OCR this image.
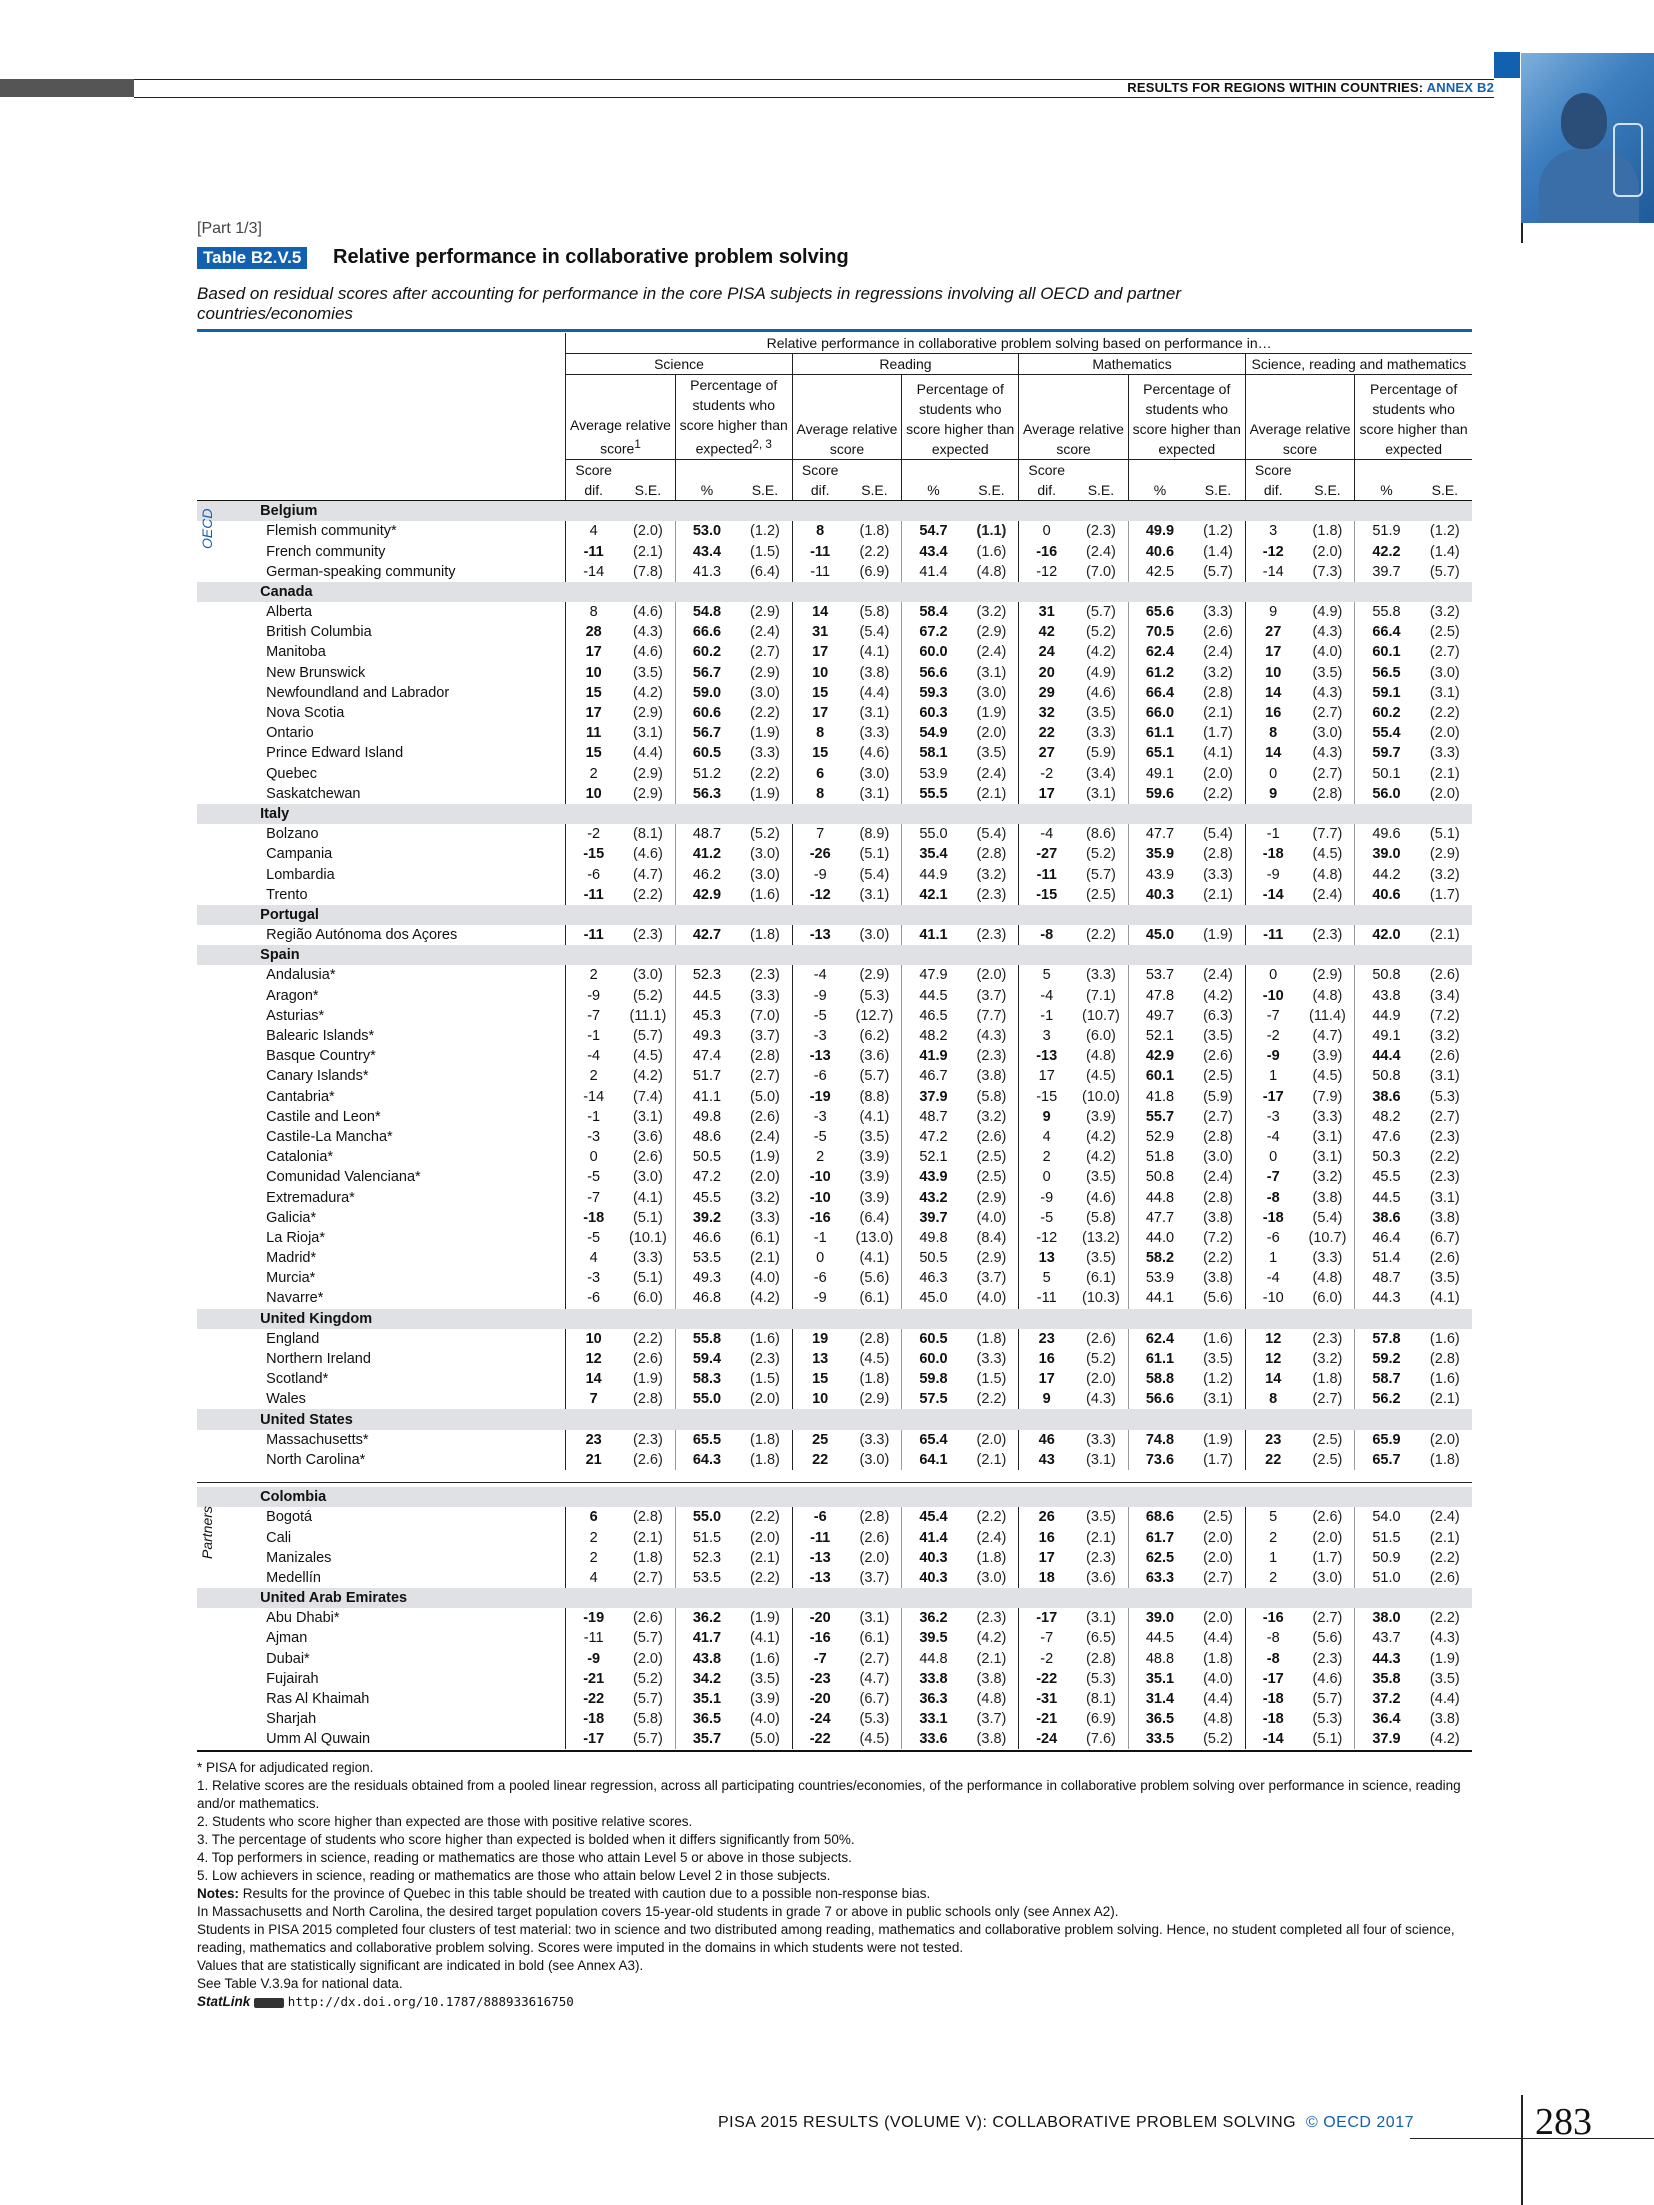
RESULTS FOR REGIONS WITHIN COUNTRIES: ANNEX B2
[Part 1/3]
Table B2.V.5	Relative performance in collaborative problem solving
Based on residual scores after accounting for performance in the core PISA subjects in regressions involving all OECD and partner countries/economies
		Relative performance in collaborative problem solving based on performance in…															
		Science				Reading				Mathematics				Science, reading and mathematics			
		Average relative score$^1$		Percentage of students who score higher than expected$^{2, 3}$		Average relative score		Percentage of students who score higher than expected		Average relative score		Percentage of students who score higher than expected		Average relative score		Percentage of students who score higher than expected	
		Score dif.	S.E.	%	S.E.	Score dif.	S.E.	%	S.E.	Score dif.	S.E.	%	S.E.	Score dif.	S.E.	%	S.E.
	Belgium																
	Flemish community*	4	(2.0)	53.0	(1.2)	8	(1.8)	54.7	(1.1)	0	(2.3)	49.9	(1.2)	3	(1.8)	51.9	(1.2)
	French community	-11	(2.1)	43.4	(1.5)	-11	(2.2)	43.4	(1.6)	-16	(2.4)	40.6	(1.4)	-12	(2.0)	42.2	(1.4)
	German-speaking community	-14	(7.8)	41.3	(6.4)	-11	(6.9)	41.4	(4.8)	-12	(7.0)	42.5	(5.7)	-14	(7.3)	39.7	(5.7)
	Canada																
	Alberta	8	(4.6)	54.8	(2.9)	14	(5.8)	58.4	(3.2)	31	(5.7)	65.6	(3.3)	9	(4.9)	55.8	(3.2)
	British Columbia	28	(4.3)	66.6	(2.4)	31	(5.4)	67.2	(2.9)	42	(5.2)	70.5	(2.6)	27	(4.3)	66.4	(2.5)
	Manitoba	17	(4.6)	60.2	(2.7)	17	(4.1)	60.0	(2.4)	24	(4.2)	62.4	(2.4)	17	(4.0)	60.1	(2.7)
	New Brunswick	10	(3.5)	56.7	(2.9)	10	(3.8)	56.6	(3.1)	20	(4.9)	61.2	(3.2)	10	(3.5)	56.5	(3.0)
	Newfoundland and Labrador	15	(4.2)	59.0	(3.0)	15	(4.4)	59.3	(3.0)	29	(4.6)	66.4	(2.8)	14	(4.3)	59.1	(3.1)
	Nova Scotia	17	(2.9)	60.6	(2.2)	17	(3.1)	60.3	(1.9)	32	(3.5)	66.0	(2.1)	16	(2.7)	60.2	(2.2)
	Ontario	11	(3.1)	56.7	(1.9)	8	(3.3)	54.9	(2.0)	22	(3.3)	61.1	(1.7)	8	(3.0)	55.4	(2.0)
	Prince Edward Island	15	(4.4)	60.5	(3.3)	15	(4.6)	58.1	(3.5)	27	(5.9)	65.1	(4.1)	14	(4.3)	59.7	(3.3)
	Quebec	2	(2.9)	51.2	(2.2)	6	(3.0)	53.9	(2.4)	-2	(3.4)	49.1	(2.0)	0	(2.7)	50.1	(2.1)
	Saskatchewan	10	(2.9)	56.3	(1.9)	8	(3.1)	55.5	(2.1)	17	(3.1)	59.6	(2.2)	9	(2.8)	56.0	(2.0)
	Italy																
	Bolzano	-2	(8.1)	48.7	(5.2)	7	(8.9)	55.0	(5.4)	-4	(8.6)	47.7	(5.4)	-1	(7.7)	49.6	(5.1)
	Campania	-15	(4.6)	41.2	(3.0)	-26	(5.1)	35.4	(2.8)	-27	(5.2)	35.9	(2.8)	-18	(4.5)	39.0	(2.9)
	Lombardia	-6	(4.7)	46.2	(3.0)	-9	(5.4)	44.9	(3.2)	-11	(5.7)	43.9	(3.3)	-9	(4.8)	44.2	(3.2)
	Trento	-11	(2.2)	42.9	(1.6)	-12	(3.1)	42.1	(2.3)	-15	(2.5)	40.3	(2.1)	-14	(2.4)	40.6	(1.7)
	Portugal																
	Região Autónoma dos Açores	-11	(2.3)	42.7	(1.8)	-13	(3.0)	41.1	(2.3)	-8	(2.2)	45.0	(1.9)	-11	(2.3)	42.0	(2.1)
	Spain																
	Andalusia*	2	(3.0)	52.3	(2.3)	-4	(2.9)	47.9	(2.0)	5	(3.3)	53.7	(2.4)	0	(2.9)	50.8	(2.6)
	Aragon*	-9	(5.2)	44.5	(3.3)	-9	(5.3)	44.5	(3.7)	-4	(7.1)	47.8	(4.2)	-10	(4.8)	43.8	(3.4)
	Asturias*	-7	(11.1)	45.3	(7.0)	-5	(12.7)	46.5	(7.7)	-1	(10.7)	49.7	(6.3)	-7	(11.4)	44.9	(7.2)
	Balearic Islands*	-1	(5.7)	49.3	(3.7)	-3	(6.2)	48.2	(4.3)	3	(6.0)	52.1	(3.5)	-2	(4.7)	49.1	(3.2)
	Basque Country*	-4	(4.5)	47.4	(2.8)	-13	(3.6)	41.9	(2.3)	-13	(4.8)	42.9	(2.6)	-9	(3.9)	44.4	(2.6)
	Canary Islands*	2	(4.2)	51.7	(2.7)	-6	(5.7)	46.7	(3.8)	17	(4.5)	60.1	(2.5)	1	(4.5)	50.8	(3.1)
	Cantabria*	-14	(7.4)	41.1	(5.0)	-19	(8.8)	37.9	(5.8)	-15	(10.0)	41.8	(5.9)	-17	(7.9)	38.6	(5.3)
	Castile and Leon*	-1	(3.1)	49.8	(2.6)	-3	(4.1)	48.7	(3.2)	9	(3.9)	55.7	(2.7)	-3	(3.3)	48.2	(2.7)
	Castile-La Mancha*	-3	(3.6)	48.6	(2.4)	-5	(3.5)	47.2	(2.6)	4	(4.2)	52.9	(2.8)	-4	(3.1)	47.6	(2.3)
	Catalonia*	0	(2.6)	50.5	(1.9)	2	(3.9)	52.1	(2.5)	2	(4.2)	51.8	(3.0)	0	(3.1)	50.3	(2.2)
	Comunidad Valenciana*	-5	(3.0)	47.2	(2.0)	-10	(3.9)	43.9	(2.5)	0	(3.5)	50.8	(2.4)	-7	(3.2)	45.5	(2.3)
	Extremadura*	-7	(4.1)	45.5	(3.2)	-10	(3.9)	43.2	(2.9)	-9	(4.6)	44.8	(2.8)	-8	(3.8)	44.5	(3.1)
	Galicia*	-18	(5.1)	39.2	(3.3)	-16	(6.4)	39.7	(4.0)	-5	(5.8)	47.7	(3.8)	-18	(5.4)	38.6	(3.8)
	La Rioja*	-5	(10.1)	46.6	(6.1)	-1	(13.0)	49.8	(8.4)	-12	(13.2)	44.0	(7.2)	-6	(10.7)	46.4	(6.7)
	Madrid*	4	(3.3)	53.5	(2.1)	0	(4.1)	50.5	(2.9)	13	(3.5)	58.2	(2.2)	1	(3.3)	51.4	(2.6)
	Murcia*	-3	(5.1)	49.3	(4.0)	-6	(5.6)	46.3	(3.7)	5	(6.1)	53.9	(3.8)	-4	(4.8)	48.7	(3.5)
	Navarre*	-6	(6.0)	46.8	(4.2)	-9	(6.1)	45.0	(4.0)	-11	(10.3)	44.1	(5.6)	-10	(6.0)	44.3	(4.1)
	United Kingdom																
	England	10	(2.2)	55.8	(1.6)	19	(2.8)	60.5	(1.8)	23	(2.6)	62.4	(1.6)	12	(2.3)	57.8	(1.6)
	Northern Ireland	12	(2.6)	59.4	(2.3)	13	(4.5)	60.0	(3.3)	16	(5.2)	61.1	(3.5)	12	(3.2)	59.2	(2.8)
	Scotland*	14	(1.9)	58.3	(1.5)	15	(1.8)	59.8	(1.5)	17	(2.0)	58.8	(1.2)	14	(1.8)	58.7	(1.6)
	Wales	7	(2.8)	55.0	(2.0)	10	(2.9)	57.5	(2.2)	9	(4.3)	56.6	(3.1)	8	(2.7)	56.2	(2.1)
	United States																
	Massachusetts*	23	(2.3)	65.5	(1.8)	25	(3.3)	65.4	(2.0)	46	(3.3)	74.8	(1.9)	23	(2.5)	65.9	(2.0)
	North Carolina*	21	(2.6)	64.3	(1.8)	22	(3.0)	64.1	(2.1)	43	(3.1)	73.6	(1.7)	22	(2.5)	65.7	(1.8)

	Colombia																
	Bogotá	6	(2.8)	55.0	(2.2)	-6	(2.8)	45.4	(2.2)	26	(3.5)	68.6	(2.5)	5	(2.6)	54.0	(2.4)
	Cali	2	(2.1)	51.5	(2.0)	-11	(2.6)	41.4	(2.4)	16	(2.1)	61.7	(2.0)	2	(2.0)	51.5	(2.1)
	Manizales	2	(1.8)	52.3	(2.1)	-13	(2.0)	40.3	(1.8)	17	(2.3)	62.5	(2.0)	1	(1.7)	50.9	(2.2)
	Medellín	4	(2.7)	53.5	(2.2)	-13	(3.7)	40.3	(3.0)	18	(3.6)	63.3	(2.7)	2	(3.0)	51.0	(2.6)
	United Arab Emirates																
	Abu Dhabi*	-19	(2.6)	36.2	(1.9)	-20	(3.1)	36.2	(2.3)	-17	(3.1)	39.0	(2.0)	-16	(2.7)	38.0	(2.2)
	Ajman	-11	(5.7)	41.7	(4.1)	-16	(6.1)	39.5	(4.2)	-7	(6.5)	44.5	(4.4)	-8	(5.6)	43.7	(4.3)
	Dubai*	-9	(2.0)	43.8	(1.6)	-7	(2.7)	44.8	(2.1)	-2	(2.8)	48.8	(1.8)	-8	(2.3)	44.3	(1.9)
	Fujairah	-21	(5.2)	34.2	(3.5)	-23	(4.7)	33.8	(3.8)	-22	(5.3)	35.1	(4.0)	-17	(4.6)	35.8	(3.5)
	Ras Al Khaimah	-22	(5.7)	35.1	(3.9)	-20	(6.7)	36.3	(4.8)	-31	(8.1)	31.4	(4.4)	-18	(5.7)	37.2	(4.4)
	Sharjah	-18	(5.8)	36.5	(4.0)	-24	(5.3)	33.1	(3.7)	-21	(6.9)	36.5	(4.8)	-18	(5.3)	36.4	(3.8)
	Umm Al Quwain	-17	(5.7)	35.7	(5.0)	-22	(4.5)	33.6	(3.8)	-24	(7.6)	33.5	(5.2)	-14	(5.1)	37.9	(4.2)
OECD
Partners

* PISA for adjudicated region.

1. Relative scores are the residuals obtained from a pooled linear regression, across all participating countries/economies, of the performance in collaborative problem solving over performance in science, reading and/or mathematics.

2. Students who score higher than expected are those with positive relative scores.

3. The percentage of students who score higher than expected is bolded when it differs significantly from 50%.

4. Top performers in science, reading or mathematics are those who attain Level 5 or above in those subjects.

5. Low achievers in science, reading or mathematics are those who attain below Level 2 in those subjects.

Notes: Results for the province of Quebec in this table should be treated with caution due to a possible non-response bias.

In Massachusetts and North Carolina, the desired target population covers 15-year-old students in grade 7 or above in public schools only (see Annex A2).

Students in PISA 2015 completed four clusters of test material: two in science and two distributed among reading, mathematics and collaborative problem solving. Hence, no student completed all four of science, reading, mathematics and collaborative problem solving. Scores were imputed in the domains in which students were not tested.

Values that are statistically significant are indicated in bold (see Annex A3).

See Table V.3.9a for national data.

StatLink	http://dx.doi.org/10.1787/888933616750

PISA 2015 RESULTS (VOLUME V): COLLABORATIVE PROBLEM SOLVING © OECD 2017	283
